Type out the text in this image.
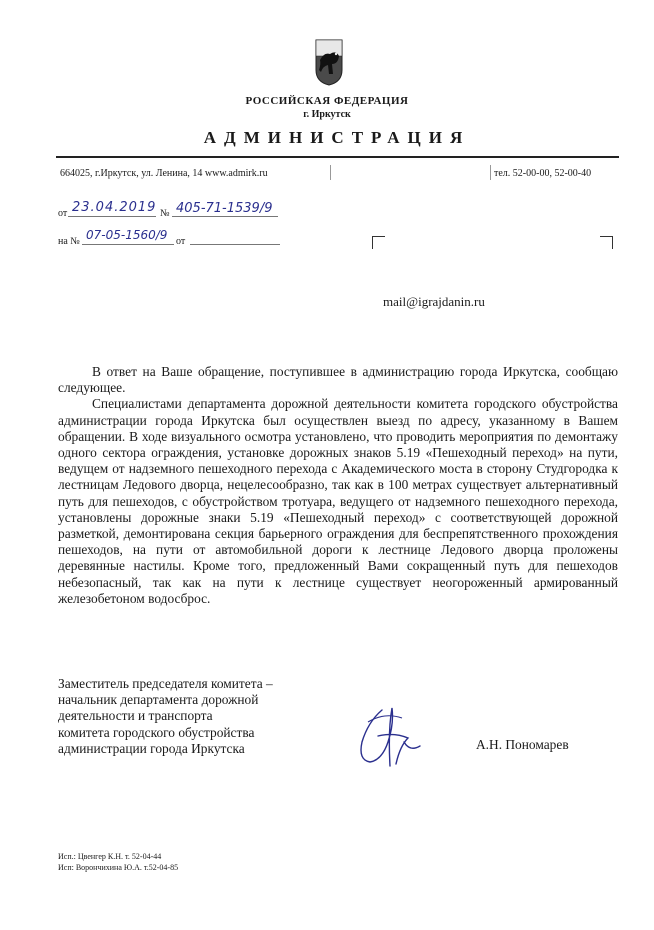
РОССИЙСКАЯ ФЕДЕРАЦИЯ
г. Иркутск
АДМИНИСТРАЦИЯ
664025, г.Иркутск, ул. Ленина, 14 www.admirk.ru	тел. 52-00-00, 52-00-40
от 23.04.2019 № 405-71-1539/9
на № 07-05-1560/9 от
mail@igrajdanin.ru

В ответ на Ваше обращение, поступившее в администрацию города Иркутска, сообщаю следующее.

Специалистами департамента дорожной деятельности комитета городского обустройства администрации города Иркутска был осуществлен выезд по адресу, указанному в Вашем обращении. В ходе визуального осмотра установлено, что проводить мероприятия по демонтажу одного сектора ограждения, установке дорожных знаков 5.19 «Пешеходный переход» на пути, ведущем от надземного пешеходного перехода с Академического моста в сторону Студгородка к лестницам Ледового дворца, нецелесообразно, так как в 100 метрах существует альтернативный путь для пешеходов, с обустройством тротуара, ведущего от надземного пешеходного перехода, установлены дорожные знаки 5.19 «Пешеходный переход» с соответствующей дорожной разметкой, демонтирована секция барьерного ограждения для беспрепятственного прохождения пешеходов, на пути от автомобильной дороги к лестнице Ледового дворца проложены деревянные настилы. Кроме того, предложенный Вами сокращенный путь для пешеходов небезопасный, так как на пути к лестнице существует неогороженный армированный железобетоном водосброс.

Заместитель председателя комитета –
начальник департамента дорожной
деятельности и транспорта
комитета городского обустройства
администрации города Иркутска	А.Н. Пономарев
Исп.: Цвенгер К.Н. т. 52-04-44
Исп: Ворончихина Ю.А. т.52-04-85
